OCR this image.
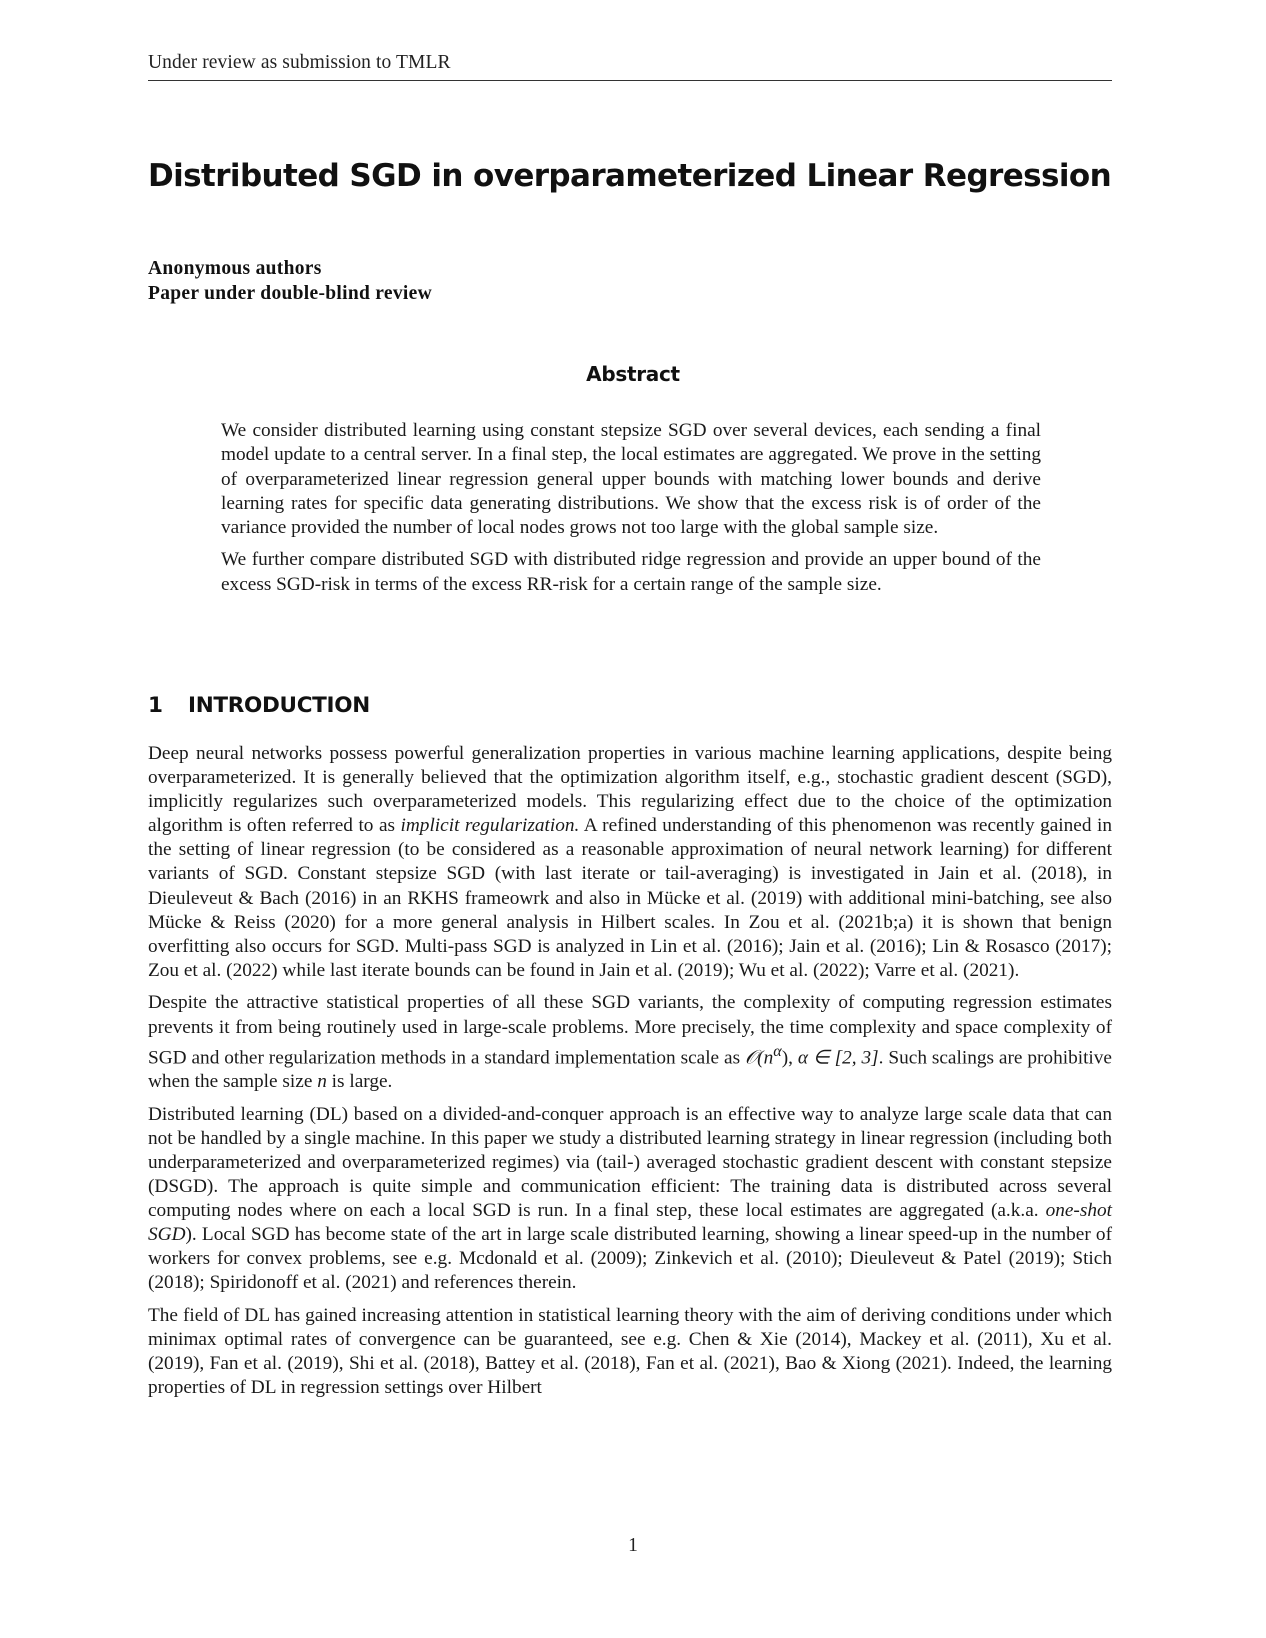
Under review as submission to TMLR
Distributed SGD in overparameterized Linear Regression
Anonymous authors
Paper under double-blind review
Abstract

We consider distributed learning using constant stepsize SGD over several devices, each sending a final model update to a central server. In a final step, the local estimates are aggregated. We prove in the setting of overparameterized linear regression general upper bounds with matching lower bounds and derive learning rates for specific data generating distributions. We show that the excess risk is of order of the variance provided the number of local nodes grows not too large with the global sample size.

We further compare distributed SGD with distributed ridge regression and provide an upper bound of the excess SGD-risk in terms of the excess RR-risk for a certain range of the sample size.

1 INTRODUCTION

Deep neural networks possess powerful generalization properties in various machine learning applications, despite being overparameterized. It is generally believed that the optimization algorithm itself, e.g., stochastic gradient descent (SGD), implicitly regularizes such overparameterized models. This regularizing effect due to the choice of the optimization algorithm is often referred to as implicit regularization. A refined understanding of this phenomenon was recently gained in the setting of linear regression (to be considered as a reasonable approximation of neural network learning) for different variants of SGD. Constant stepsize SGD (with last iterate or tail-averaging) is investigated in Jain et al. (2018), in Dieuleveut & Bach (2016) in an RKHS frameowrk and also in Mücke et al. (2019) with additional mini-batching, see also Mücke & Reiss (2020) for a more general analysis in Hilbert scales. In Zou et al. (2021b;a) it is shown that benign overfitting also occurs for SGD. Multi-pass SGD is analyzed in Lin et al. (2016); Jain et al. (2016); Lin & Rosasco (2017); Zou et al. (2022) while last iterate bounds can be found in Jain et al. (2019); Wu et al. (2022); Varre et al. (2021).

Despite the attractive statistical properties of all these SGD variants, the complexity of computing regression estimates prevents it from being routinely used in large-scale problems. More precisely, the time complexity and space complexity of SGD and other regularization methods in a standard implementation scale as $𝒪(n^\alpha)$, α ∈ [2, 3]. Such scalings are prohibitive when the sample size n is large.

Distributed learning (DL) based on a divided-and-conquer approach is an effective way to analyze large scale data that can not be handled by a single machine. In this paper we study a distributed learning strategy in linear regression (including both underparameterized and overparameterized regimes) via (tail-) averaged stochastic gradient descent with constant stepsize (DSGD). The approach is quite simple and communication efficient: The training data is distributed across several computing nodes where on each a local SGD is run. In a final step, these local estimates are aggregated (a.k.a. one-shot SGD). Local SGD has become state of the art in large scale distributed learning, showing a linear speed-up in the number of workers for convex problems, see e.g. Mcdonald et al. (2009); Zinkevich et al. (2010); Dieuleveut & Patel (2019); Stich (2018); Spiridonoff et al. (2021) and references therein.

The field of DL has gained increasing attention in statistical learning theory with the aim of deriving conditions under which minimax optimal rates of convergence can be guaranteed, see e.g. Chen & Xie (2014), Mackey et al. (2011), Xu et al. (2019), Fan et al. (2019), Shi et al. (2018), Battey et al. (2018), Fan et al. (2021), Bao & Xiong (2021). Indeed, the learning properties of DL in regression settings over Hilbert

1
